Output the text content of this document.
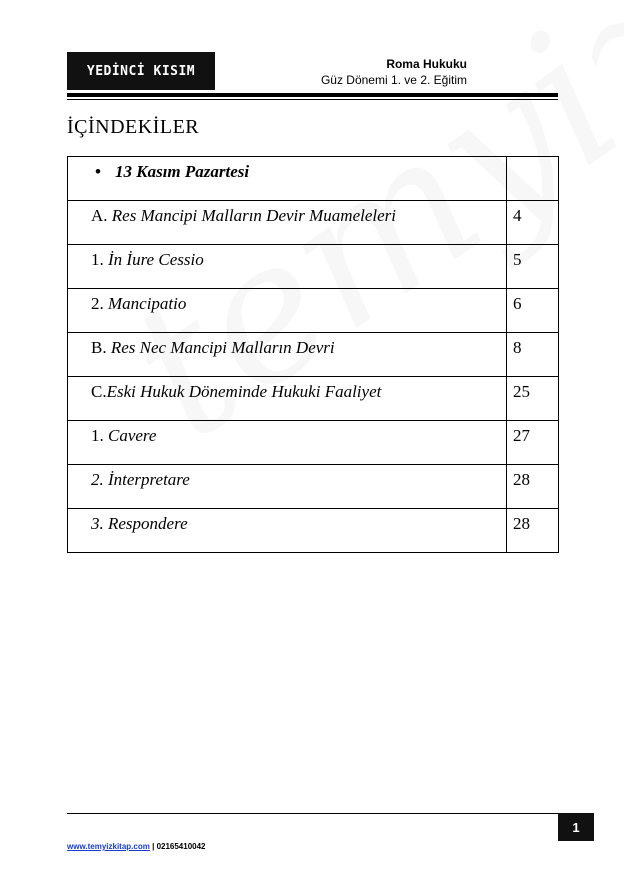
YEDİNCİ KISIM	Roma Hukuku
Güz Dönemi 1. ve 2. Eğitim
İÇİNDEKİLER
• 13 Kasım Pazartesi	
A. Res Mancipi Malların Devir Muameleleri	4
1. İn İure Cessio	5
2. Mancipatio	6
B. Res Nec Mancipi Malların Devri	8
C.Eski Hukuk Döneminde Hukuki Faaliyet	25
1. Cavere	27
2. İnterpretare	28
3. Respondere	28
1
www.temyizkitap.com | 02165410042
